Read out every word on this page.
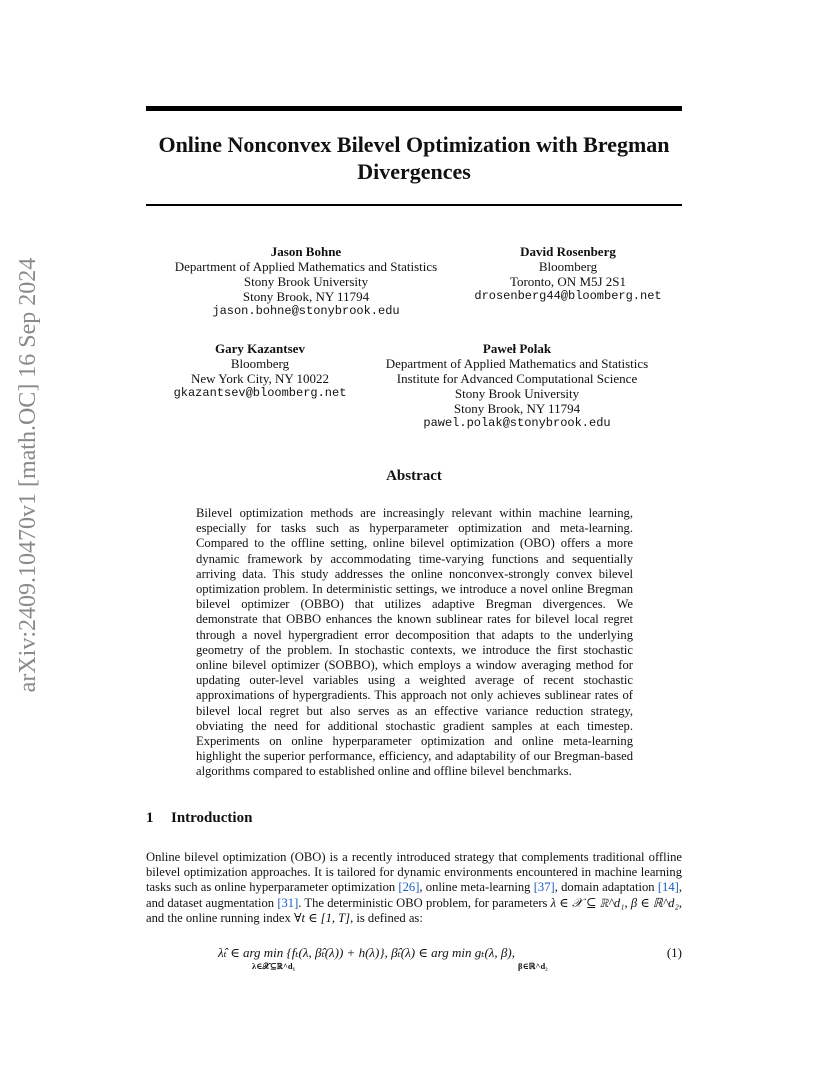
Online Nonconvex Bilevel Optimization with Bregman
Divergences
arXiv:2409.10470v1 [math.OC] 16 Sep 2024
Jason Bohne
Department of Applied Mathematics and Statistics
Stony Brook University
Stony Brook, NY 11794
jason.bohne@stonybrook.edu
David Rosenberg
Bloomberg
Toronto, ON M5J 2S1
drosenberg44@bloomberg.net
Gary Kazantsev
Bloomberg
New York City, NY 10022
gkazantsev@bloomberg.net
Paweł Polak
Department of Applied Mathematics and Statistics
Institute for Advanced Computational Science
Stony Brook University
Stony Brook, NY 11794
pawel.polak@stonybrook.edu
Abstract
Bilevel optimization methods are increasingly relevant within machine learning, especially for tasks such as hyperparameter optimization and meta-learning. Compared to the offline setting, online bilevel optimization (OBO) offers a more dynamic framework by accommodating time-varying functions and sequentially arriving data. This study addresses the online nonconvex-strongly convex bilevel optimization problem. In deterministic settings, we introduce a novel online Bregman bilevel optimizer (OBBO) that utilizes adaptive Bregman divergences. We demonstrate that OBBO enhances the known sublinear rates for bilevel local regret through a novel hypergradient error decomposition that adapts to the underlying geometry of the problem. In stochastic contexts, we introduce the first stochastic online bilevel optimizer (SOBBO), which employs a window averaging method for updating outer-level variables using a weighted average of recent stochastic approximations of hypergradients. This approach not only achieves sublinear rates of bilevel local regret but also serves as an effective variance reduction strategy, obviating the need for additional stochastic gradient samples at each timestep. Experiments on online hyperparameter optimization and online meta-learning highlight the superior performance, efficiency, and adaptability of our Bregman-based algorithms compared to established online and offline bilevel benchmarks.
1 Introduction
Online bilevel optimization (OBO) is a recently introduced strategy that complements traditional offline bilevel optimization approaches. It is tailored for dynamic environments encountered in machine learning tasks such as online hyperparameter optimization [26], online meta-learning [37], domain adaptation [14], and dataset augmentation [31]. The deterministic OBO problem, for parameters λ ∈ 𝒳 ⊆ ℝ^d₁, β ∈ ℝ^d₂, and the online running index ∀t ∈ [1, T], is defined as:
λ̂ₜ ∈ arg min {fₜ(λ, β̂ₜ(λ)) + h(λ)}, β̂ₜ(λ) ∈ arg min gₜ(λ, β),
λ∈𝒳⊆ℝ^d₁	β∈ℝ^d₂
(1)
